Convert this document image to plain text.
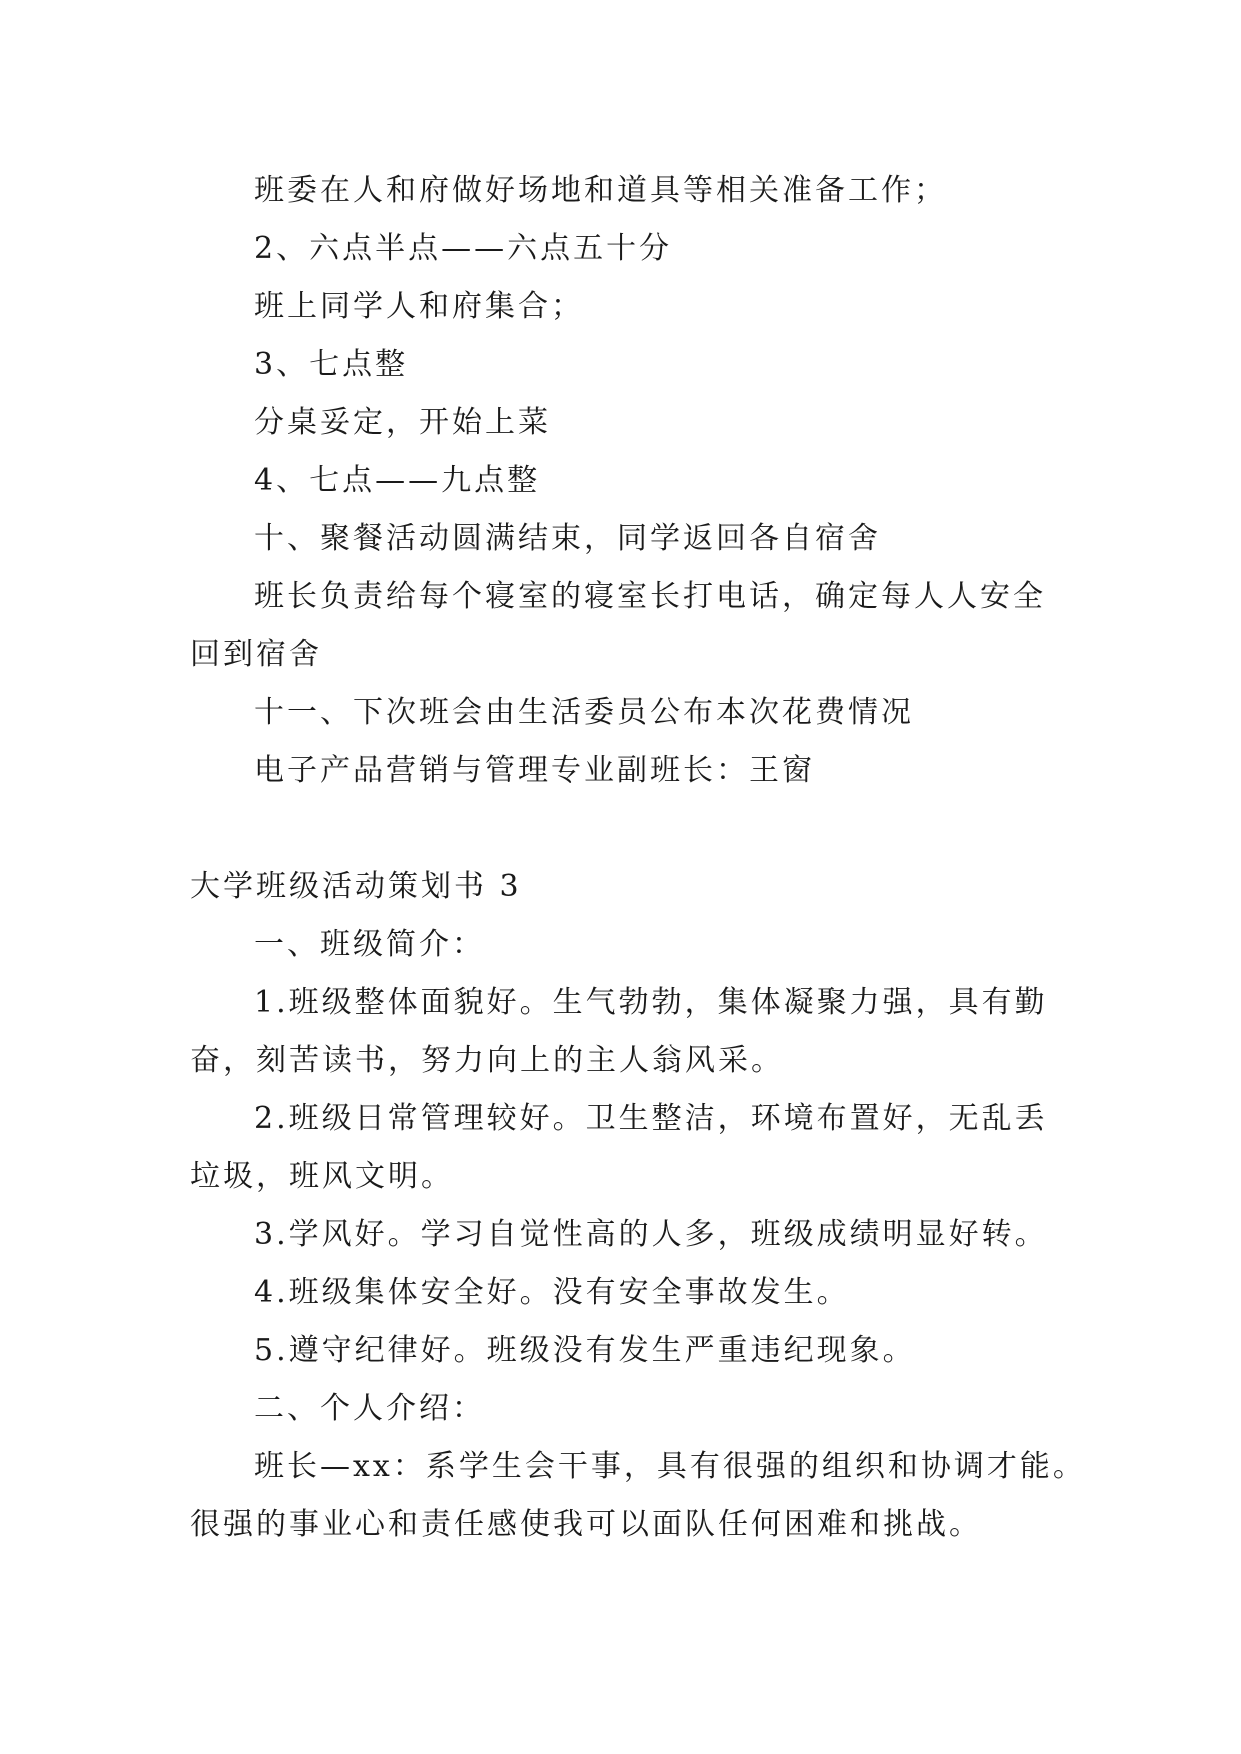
班委在人和府做好场地和道具等相关准备工作；
2、六点半点——六点五十分
班上同学人和府集合；
3、七点整
分桌妥定，开始上菜
4、七点——九点整
十、聚餐活动圆满结束，同学返回各自宿舍
班长负责给每个寝室的寝室长打电话，确定每人人安全
回到宿舍
十一、下次班会由生活委员公布本次花费情况
电子产品营销与管理专业副班长：王窗
大学班级活动策划书 3
一、班级简介：
1.班级整体面貌好。生气勃勃，集体凝聚力强，具有勤
奋，刻苦读书，努力向上的主人翁风采。
2.班级日常管理较好。卫生整洁，环境布置好，无乱丢
垃圾，班风文明。
3.学风好。学习自觉性高的人多，班级成绩明显好转。
4.班级集体安全好。没有安全事故发生。
5.遵守纪律好。班级没有发生严重违纪现象。
二、个人介绍：
班长—xx：系学生会干事，具有很强的组织和协调才能。
很强的事业心和责任感使我可以面队任何困难和挑战。
